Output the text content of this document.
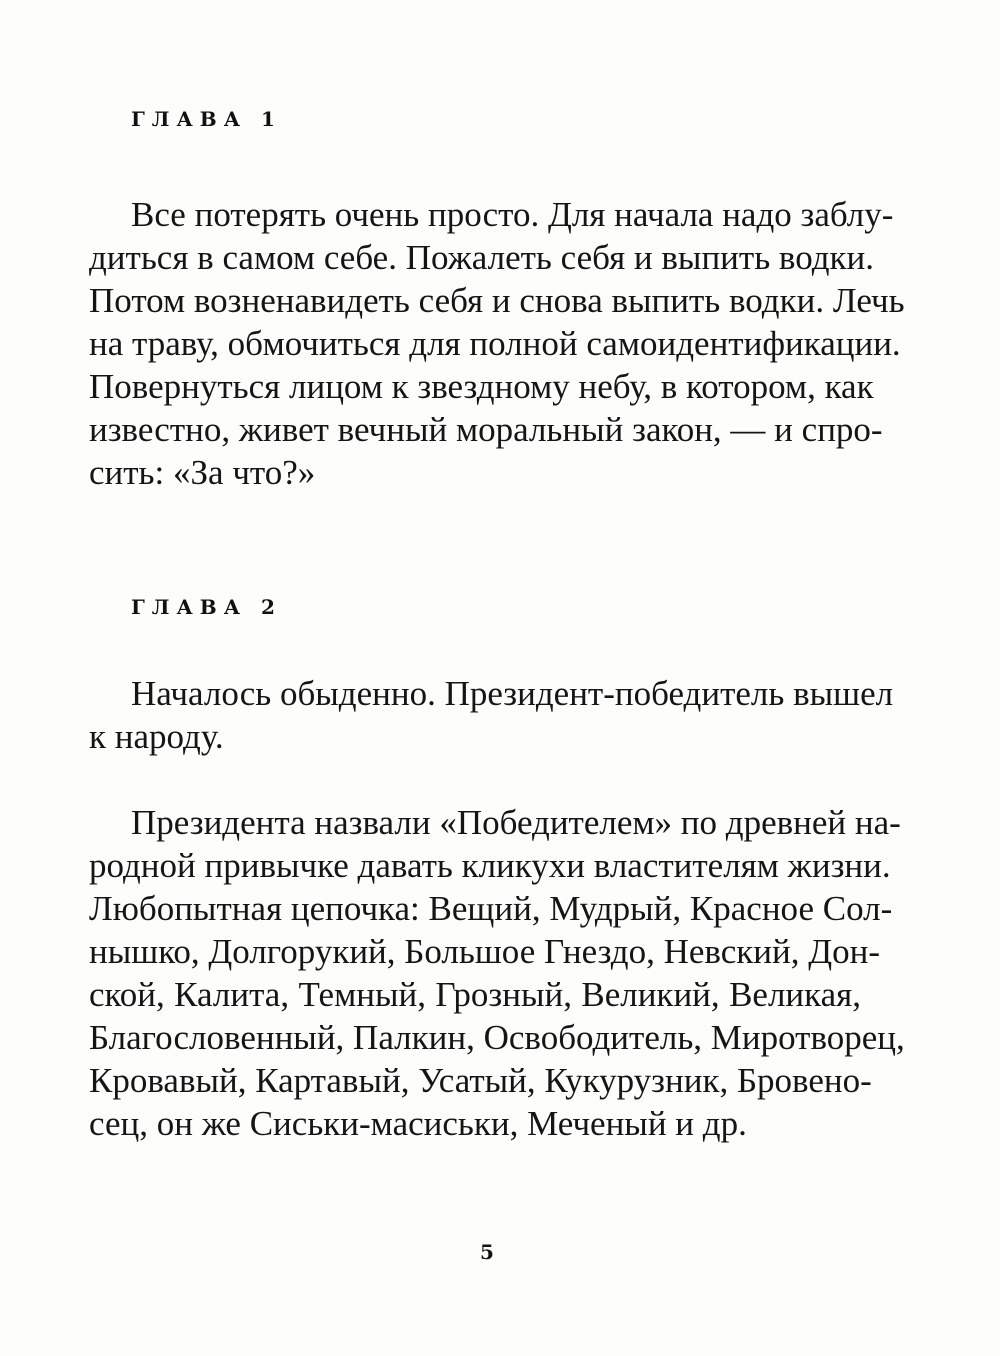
ГЛАВА 1
Все потерять очень просто. Для начала надо заблу-
диться в самом себе. Пожалеть себя и выпить водки.
Потом возненавидеть себя и снова выпить водки. Лечь
на траву, обмочиться для полной самоидентификации.
Повернуться лицом к звездному небу, в котором, как
известно, живет вечный моральный закон, — и спро-
сить: «За что?»
ГЛАВА 2
Началось обыденно. Президент-победитель вышел
к народу.
Президента назвали «Победителем» по древней на-
родной привычке давать кликухи властителям жизни.
Любопытная цепочка: Вещий, Мудрый, Красное Сол-
нышко, Долгорукий, Большое Гнездо, Невский, Дон-
ской, Калита, Темный, Грозный, Великий, Великая,
Благословенный, Палкин, Освободитель, Миротворец,
Кровавый, Картавый, Усатый, Кукурузник, Бровено-
сец, он же Сиськи-масиськи, Меченый и др.
5
